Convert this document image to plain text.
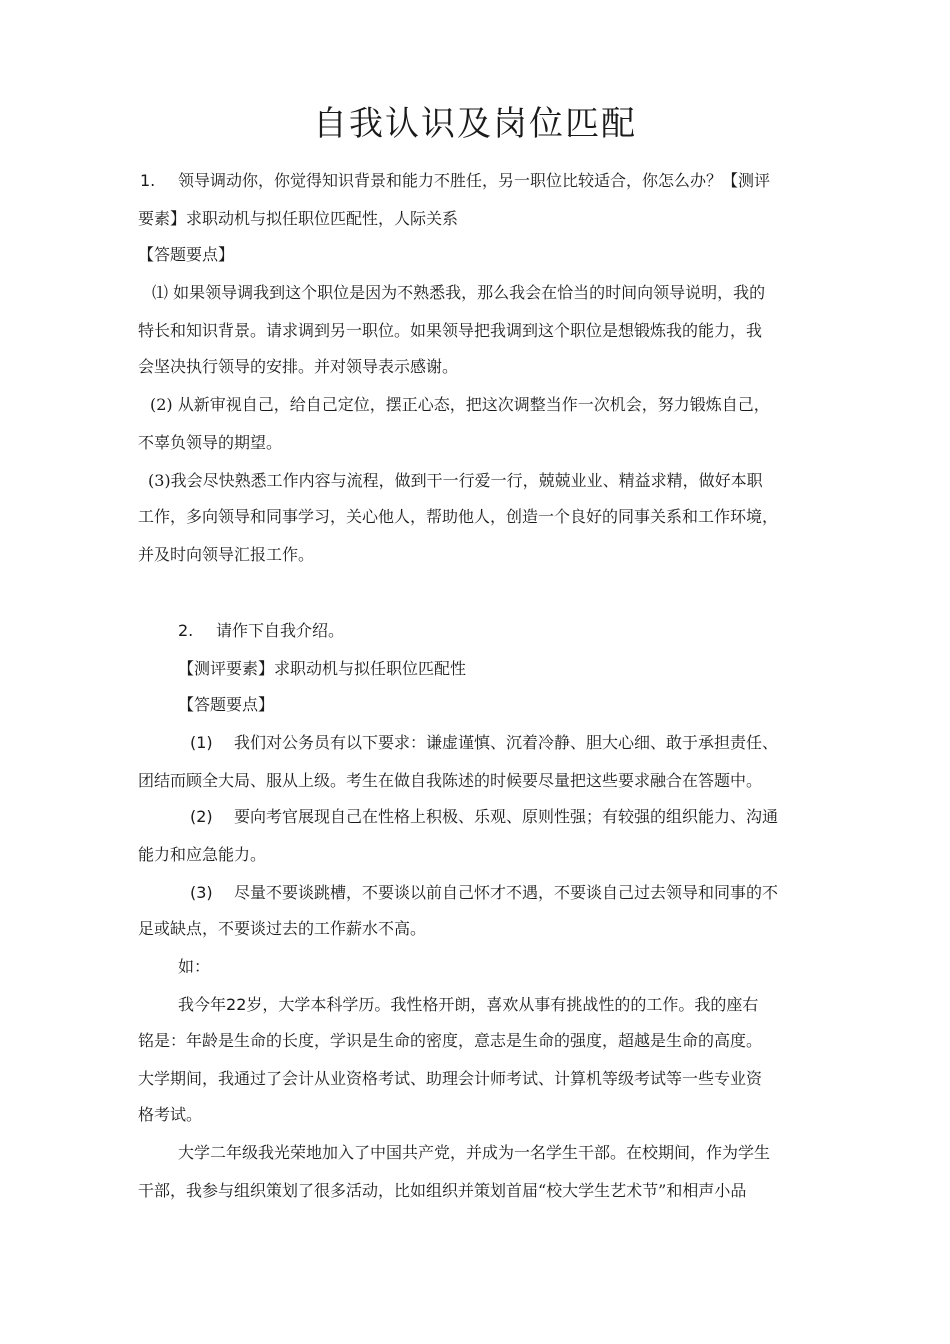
自我认识及岗位匹配
1. 领导调动你，你觉得知识背景和能力不胜任，另一职位比较适合，你怎么办？【测评
要素】求职动机与拟任职位匹配性，人际关系
【答题要点】
⑴ 如果领导调我到这个职位是因为不熟悉我，那么我会在恰当的时间向领导说明，我的
特长和知识背景。请求调到另一职位。如果领导把我调到这个职位是想锻炼我的能力，我
会坚决执行领导的安排。并对领导表示感谢。
(2) 从新审视自己，给自己定位，摆正心态，把这次调整当作一次机会，努力锻炼自己，
不辜负领导的期望。
(3)我会尽快熟悉工作内容与流程，做到干一行爱一行，兢兢业业、精益求精，做好本职
工作，多向领导和同事学习，关心他人，帮助他人，创造一个良好的同事关系和工作环境，
并及时向领导汇报工作。
2. 请作下自我介绍。
【测评要素】求职动机与拟任职位匹配性
【答题要点】
(1) 我们对公务员有以下要求：谦虚谨慎、沉着冷静、胆大心细、敢于承担责任、
团结而顾全大局、服从上级。考生在做自我陈述的时候要尽量把这些要求融合在答题中。
(2) 要向考官展现自己在性格上积极、乐观、原则性强；有较强的组织能力、沟通
能力和应急能力。
(3) 尽量不要谈跳槽，不要谈以前自己怀才不遇，不要谈自己过去领导和同事的不
足或缺点，不要谈过去的工作薪水不高。
如：
我今年22岁，大学本科学历。我性格开朗，喜欢从事有挑战性的的工作。我的座右
铭是：年龄是生命的长度，学识是生命的密度，意志是生命的强度，超越是生命的高度。
大学期间，我通过了会计从业资格考试、助理会计师考试、计算机等级考试等一些专业资
格考试。
大学二年级我光荣地加入了中国共产党，并成为一名学生干部。在校期间，作为学生
干部，我参与组织策划了很多活动，比如组织并策划首届“校大学生艺术节”和相声小品
